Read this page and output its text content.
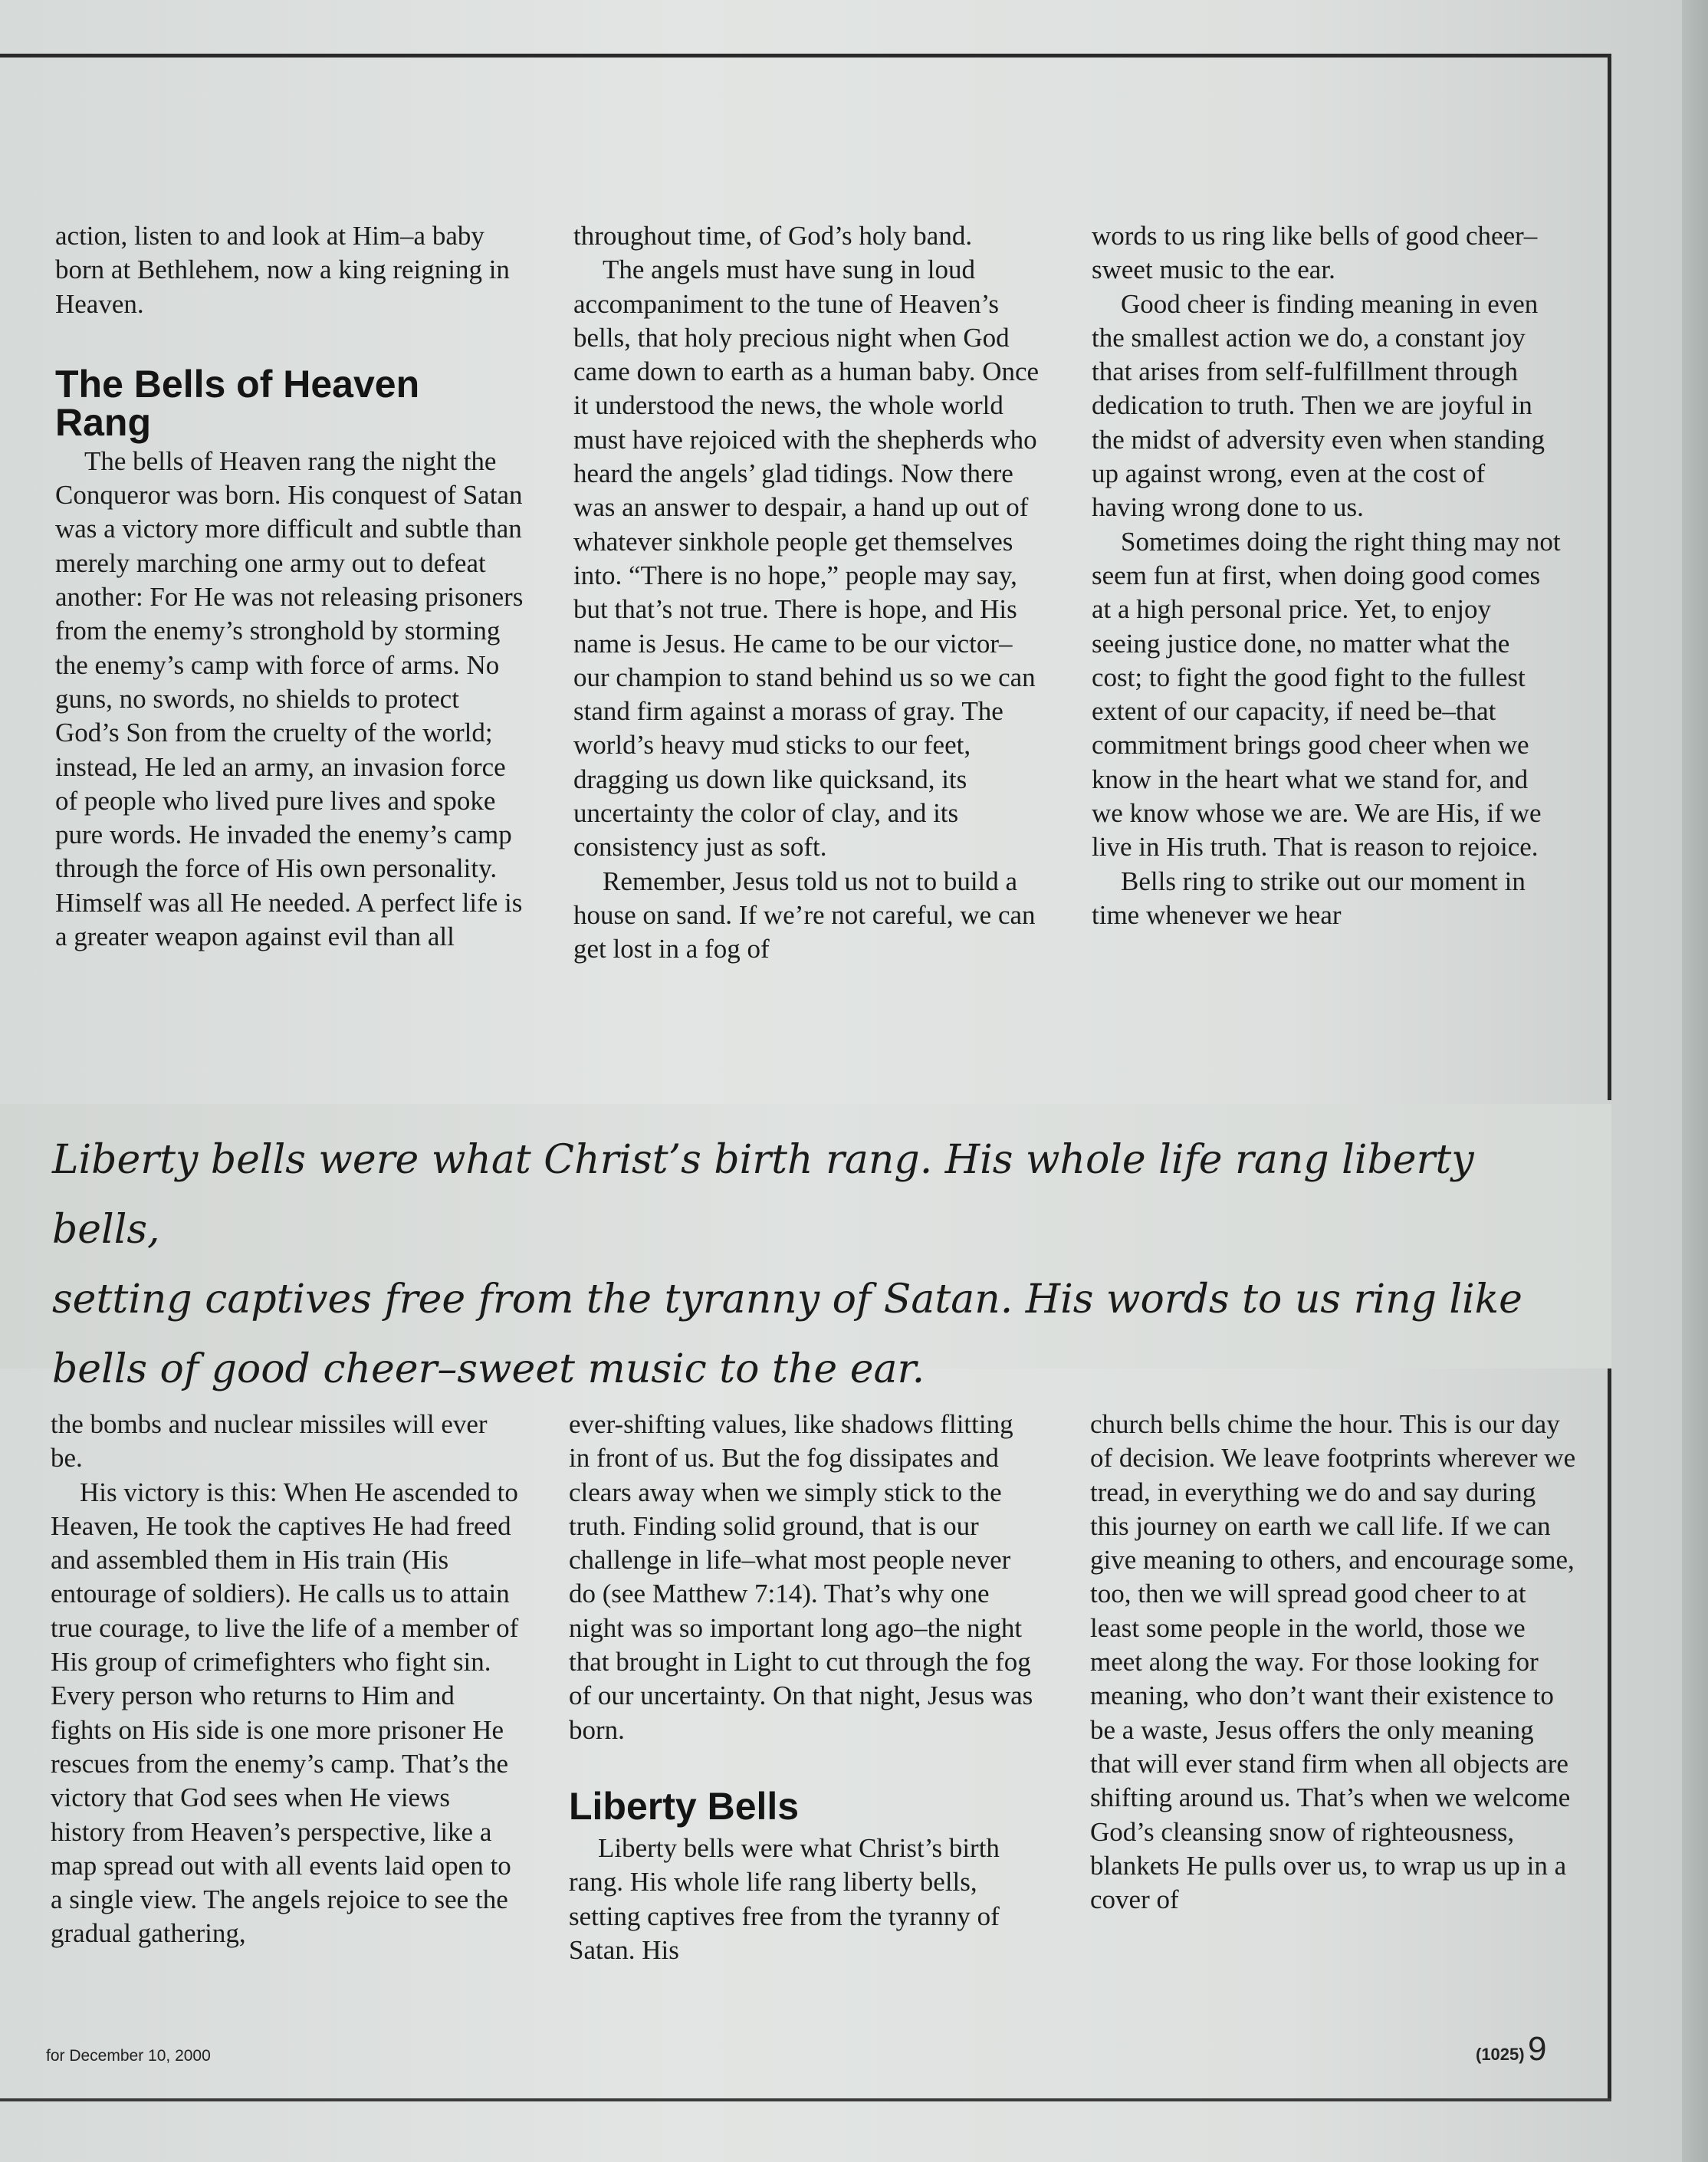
action, listen to and look at Him–a baby born at Bethlehem, now a king reigning in Heaven.

The Bells of Heaven Rang

The bells of Heaven rang the night the Conqueror was born. His conquest of Satan was a victory more difficult and subtle than merely marching one army out to defeat another: For He was not releasing prisoners from the enemy’s stronghold by storming the enemy’s camp with force of arms. No guns, no swords, no shields to protect God’s Son from the cruelty of the world; instead, He led an army, an invasion force of people who lived pure lives and spoke pure words. He invaded the enemy’s camp through the force of His own personality. Himself was all He needed. A perfect life is a greater weapon against evil than all

throughout time, of God’s holy band.

The angels must have sung in loud accompaniment to the tune of Heaven’s bells, that holy precious night when God came down to earth as a human baby. Once it understood the news, the whole world must have rejoiced with the shepherds who heard the angels’ glad tidings. Now there was an answer to despair, a hand up out of whatever sinkhole people get themselves into. “There is no hope,” people may say, but that’s not true. There is hope, and His name is Jesus. He came to be our victor–our champion to stand behind us so we can stand firm against a morass of gray. The world’s heavy mud sticks to our feet, dragging us down like quicksand, its uncertainty the color of clay, and its consistency just as soft.

Remember, Jesus told us not to build a house on sand. If we’re not careful, we can get lost in a fog of

words to us ring like bells of good cheer–sweet music to the ear.

Good cheer is finding meaning in even the smallest action we do, a constant joy that arises from self-fulfillment through dedication to truth. Then we are joyful in the midst of adversity even when standing up against wrong, even at the cost of having wrong done to us.

Sometimes doing the right thing may not seem fun at first, when doing good comes at a high personal price. Yet, to enjoy seeing justice done, no matter what the cost; to fight the good fight to the fullest extent of our capacity, if need be–that commitment brings good cheer when we know in the heart what we stand for, and we know whose we are. We are His, if we live in His truth. That is reason to rejoice.

Bells ring to strike out our moment in time whenever we hear

Liberty bells were what Christ’s birth rang. His whole life rang liberty bells,
setting captives free from the tyranny of Satan. His words to us ring like
bells of good cheer–sweet music to the ear.

the bombs and nuclear missiles will ever be.

His victory is this: When He ascended to Heaven, He took the captives He had freed and assembled them in His train (His entourage of soldiers). He calls us to attain true courage, to live the life of a member of His group of crimefighters who fight sin. Every person who returns to Him and fights on His side is one more prisoner He rescues from the enemy’s camp. That’s the victory that God sees when He views history from Heaven’s perspective, like a map spread out with all events laid open to a single view. The angels rejoice to see the gradual gathering,

ever-shifting values, like shadows flitting in front of us. But the fog dissipates and clears away when we simply stick to the truth. Finding solid ground, that is our challenge in life–what most people never do (see Matthew 7:14). That’s why one night was so important long ago–the night that brought in Light to cut through the fog of our uncertainty. On that night, Jesus was born.

Liberty Bells

Liberty bells were what Christ’s birth rang. His whole life rang liberty bells, setting captives free from the tyranny of Satan. His

church bells chime the hour. This is our day of decision. We leave footprints wherever we tread, in everything we do and say during this journey on earth we call life. If we can give meaning to others, and encourage some, too, then we will spread good cheer to at least some people in the world, those we meet along the way. For those looking for meaning, who don’t want their existence to be a waste, Jesus offers the only meaning that will ever stand firm when all objects are shifting around us. That’s when we welcome God’s cleansing snow of righteousness, blankets He pulls over us, to wrap us up in a cover of

for December 10, 2000	(1025) 9
